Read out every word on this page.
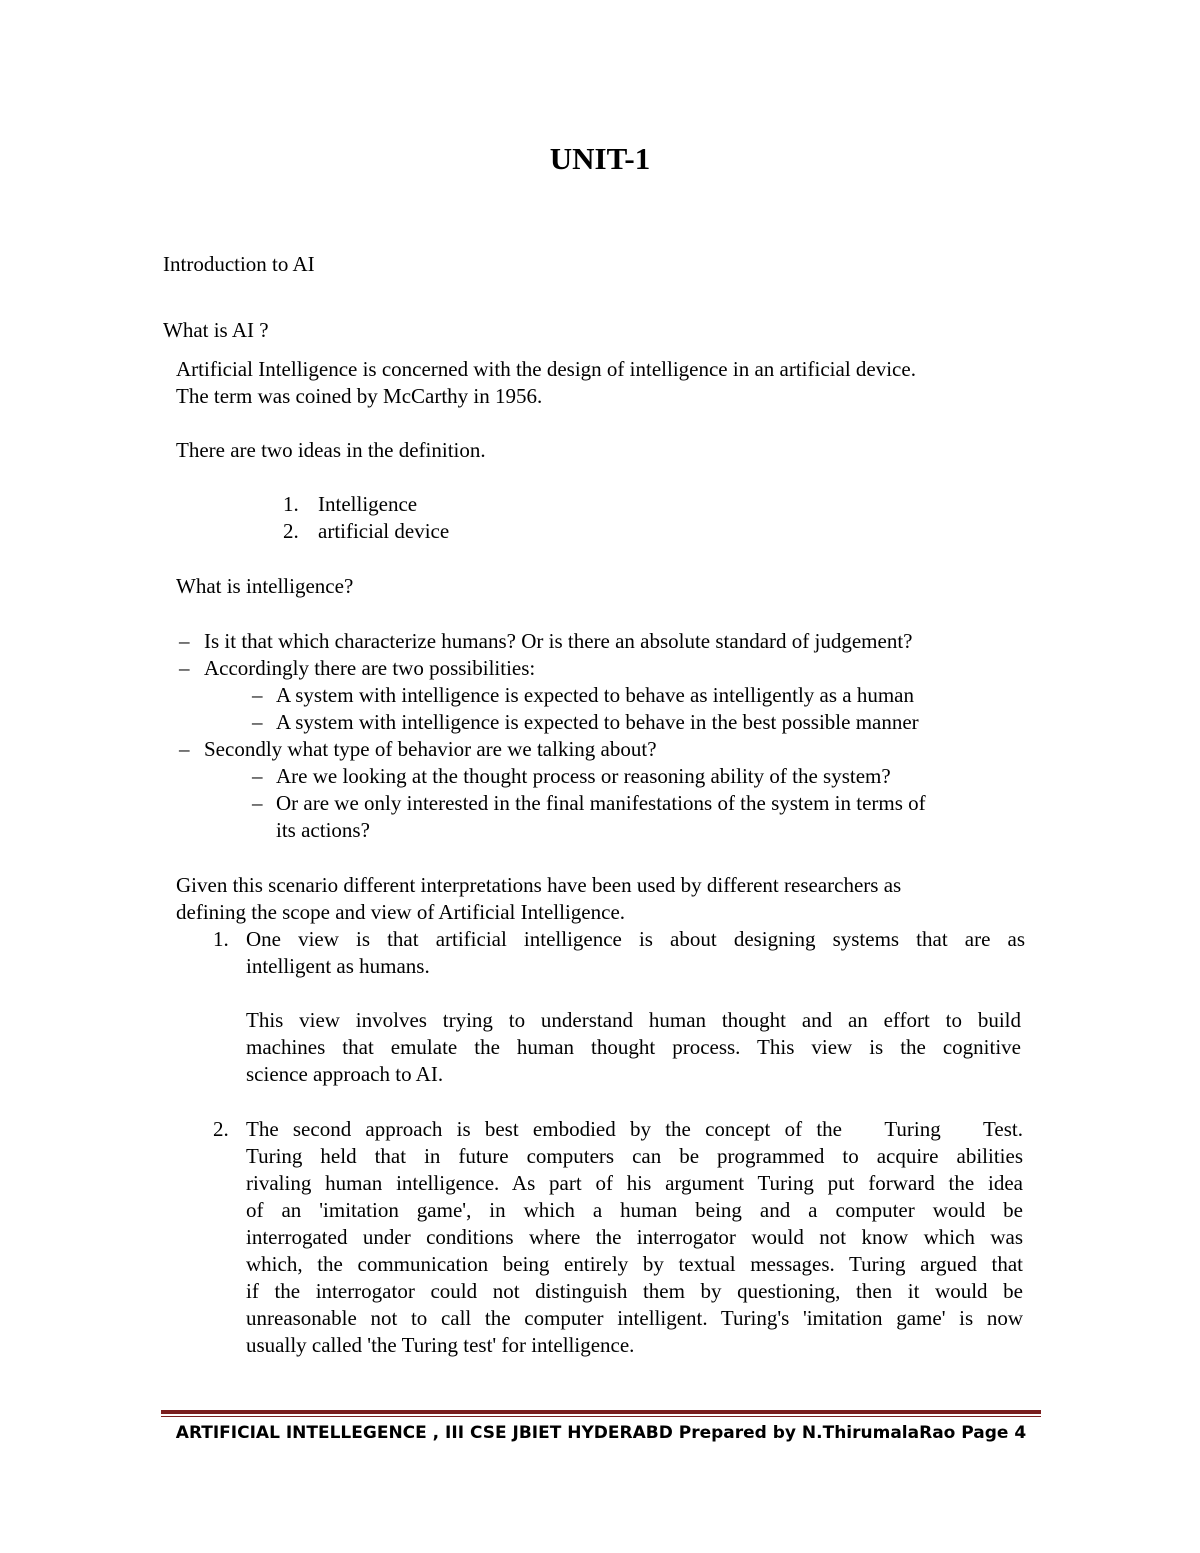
UNIT-1
Introduction to AI
What is AI ?
Artificial Intelligence is concerned with the design of intelligence in an artificial device.
The term was coined by McCarthy in 1956.
There are two ideas in the definition.
1. Intelligence
2. artificial device
What is intelligence?
– Is it that which characterize humans? Or is there an absolute standard of judgement?
– Accordingly there are two possibilities:
– A system with intelligence is expected to behave as intelligently as a human
– A system with intelligence is expected to behave in the best possible manner
– Secondly what type of behavior are we talking about?
– Are we looking at the thought process or reasoning ability of the system?
– Or are we only interested in the final manifestations of the system in terms of
its actions?
Given this scenario different interpretations have been used by different researchers as
defining the scope and view of Artificial Intelligence.
1. One view is that artificial intelligence is about designing systems that are as
intelligent as humans.
This view involves trying to understand human thought and an effort to build
machines that emulate the human thought process. This view is the cognitive
science approach to AI.
2. The second approach is best embodied by the concept of the   Turing   Test.
Turing held that in future computers can be programmed to acquire abilities
rivaling human intelligence. As part of his argument Turing put forward the idea
of an 'imitation game', in which a human being and a computer would be
interrogated under conditions where the interrogator would not know which was
which, the communication being entirely by textual messages. Turing argued that
if the interrogator could not distinguish them by questioning, then it would be
unreasonable not to call the computer intelligent. Turing's 'imitation game' is now
usually called 'the Turing test' for intelligence.
ARTIFICIAL INTELLEGENCE , III CSE JBIET HYDERABD Prepared by N.ThirumalaRao Page 4
